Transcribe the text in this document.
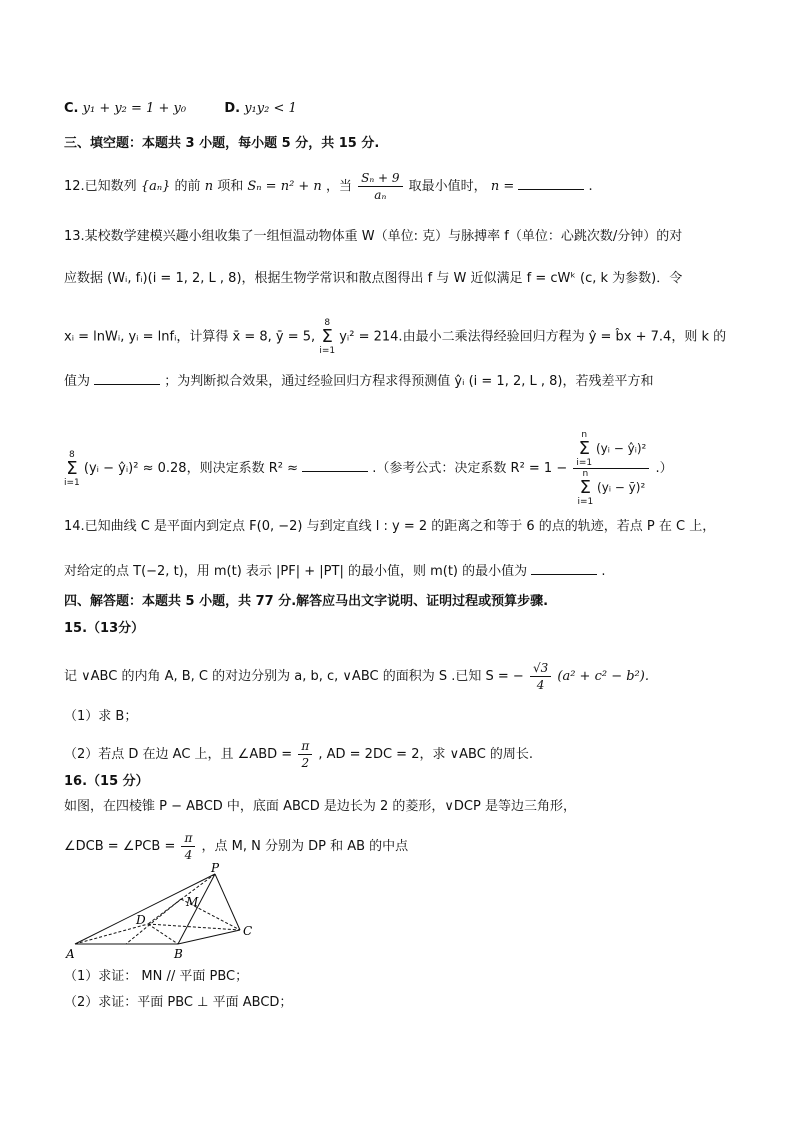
C. y₁ + y₂ = 1 + y₀	D. y₁y₂ < 1
三、填空题：本题共 3 小题，每小题 5 分，共 15 分.
12.已知数列 {aₙ} 的前 n 项和 Sₙ = n² + n ，当 $\frac{\text{Sₙ + 9}}{\text{aₙ}}$ 取最小值时， n =	.
13.某校数学建模兴趣小组收集了一组恒温动物体重 W（单位: 克）与脉搏率 f（单位：心跳次数/分钟）的对
应数据 (Wᵢ, fᵢ)(i = 1, 2, L , 8)，根据生物学常识和散点图得出 f 与 W 近似满足 f = cWᵏ (c, k 为参数)．令
xᵢ = lnWᵢ, yᵢ = lnfᵢ，计算得 x̄ = 8, ȳ = 5, 8
Σ
i=1 yᵢ² = 214.由最小二乘法得经验回归方程为 ŷ = b̂x + 7.4，则 k 的
值为	；为判断拟合效果，通过经验回归方程求得预测值 ŷᵢ (i = 1, 2, L , 8)，若残差平方和
8
Σ
i=1 (yᵢ − ŷᵢ)² ≈ 0.28，则决定系数 R² ≈	.（参考公式：决定系数 R² = 1 − n
Σ
i=1 (yᵢ − ŷᵢ)²
n
Σ
i=1 (yᵢ − ȳ)² .）
14.已知曲线 C 是平面内到定点 F(0, −2) 与到定直线 l : y = 2 的距离之和等于 6 的点的轨迹，若点 P 在 C 上，
对给定的点 T(−2, t)，用 m(t) 表示 |PF| + |PT| 的最小值，则 m(t) 的最小值为	.
四、解答题：本题共 5 小题，共 77 分.解答应马出文字说明、证明过程或预算步骤.
15.（13分）
记 ∨ABC 的内角 A, B, C 的对边分别为 a, b, c, ∨ABC 的面积为 S .已知 S = − $\frac{√3}{4} (a^2 + c^2 - b^2)$.
（1）求 B；
（2）若点 D 在边 AC 上，且 ∠ABD = $\frac{\pi}{2}$ , AD = 2DC = 2，求 ∨ABC 的周长.
16.（15 分）
如图，在四棱锥 P − ABCD 中，底面 ABCD 是边长为 2 的菱形，∨DCP 是等边三角形，
∠DCB = ∠PCB = $\frac{\pi}{4}$ ，点 M, N 分别为 DP 和 AB 的中点
P
M
D
C
A	B
（1）求证： MN // 平面 PBC；
（2）求证：平面 PBC ⊥ 平面 ABCD；
